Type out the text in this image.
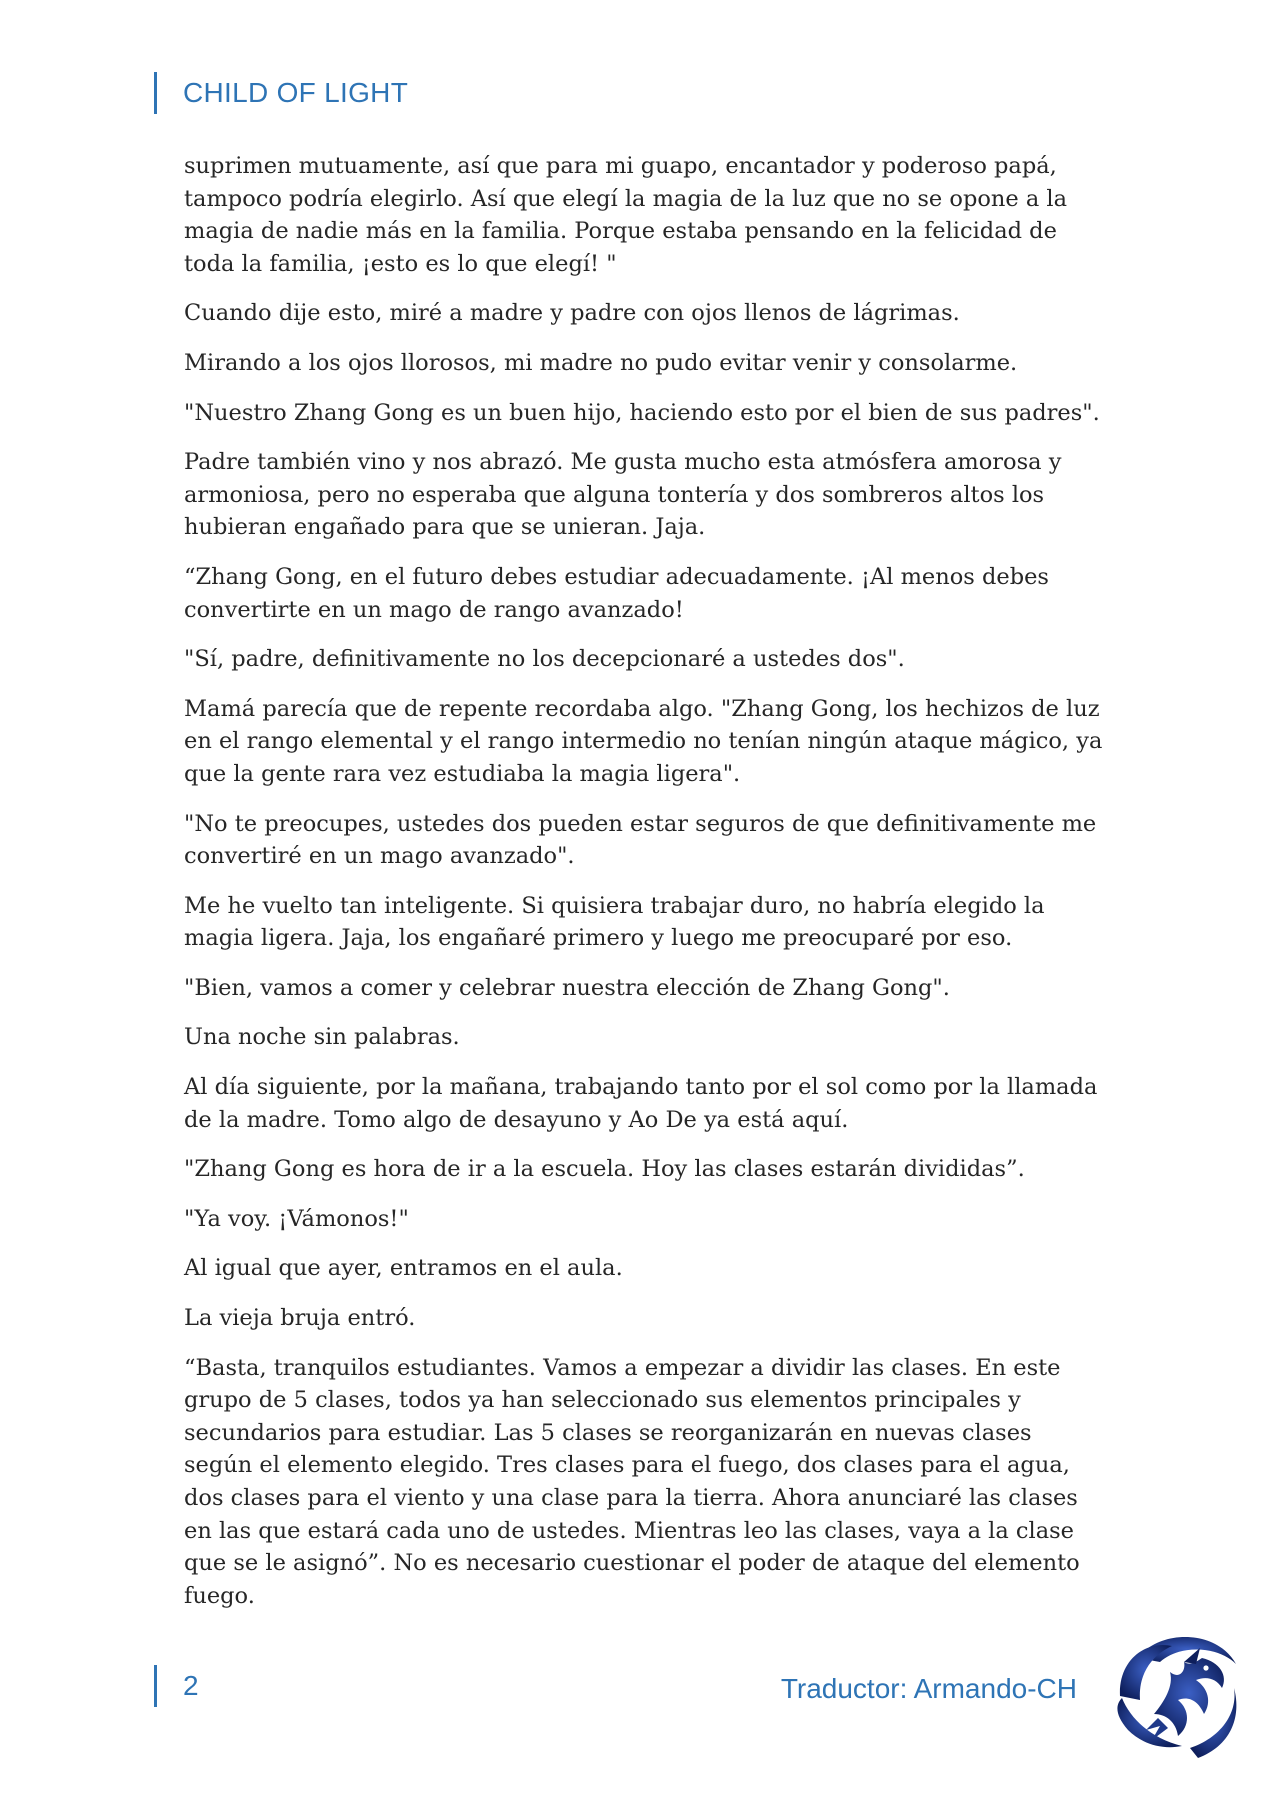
CHILD OF LIGHT

suprimen mutuamente, así que para mi guapo, encantador y poderoso papá, tampoco podría elegirlo. Así que elegí la magia de la luz que no se opone a la magia de nadie más en la familia. Porque estaba pensando en la felicidad de toda la familia, ¡esto es lo que elegí! "

Cuando dije esto, miré a madre y padre con ojos llenos de lágrimas.

Mirando a los ojos llorosos, mi madre no pudo evitar venir y consolarme.

"Nuestro Zhang Gong es un buen hijo, haciendo esto por el bien de sus padres".

Padre también vino y nos abrazó. Me gusta mucho esta atmósfera amorosa y armoniosa, pero no esperaba que alguna tontería y dos sombreros altos los hubieran engañado para que se unieran. Jaja.

“Zhang Gong, en el futuro debes estudiar adecuadamente. ¡Al menos debes convertirte en un mago de rango avanzado!

"Sí, padre, definitivamente no los decepcionaré a ustedes dos".

Mamá parecía que de repente recordaba algo. "Zhang Gong, los hechizos de luz en el rango elemental y el rango intermedio no tenían ningún ataque mágico, ya que la gente rara vez estudiaba la magia ligera".

"No te preocupes, ustedes dos pueden estar seguros de que definitivamente me convertiré en un mago avanzado".

Me he vuelto tan inteligente. Si quisiera trabajar duro, no habría elegido la magia ligera. Jaja, los engañaré primero y luego me preocuparé por eso.

"Bien, vamos a comer y celebrar nuestra elección de Zhang Gong".

Una noche sin palabras.

Al día siguiente, por la mañana, trabajando tanto por el sol como por la llamada de la madre. Tomo algo de desayuno y Ao De ya está aquí.

"Zhang Gong es hora de ir a la escuela. Hoy las clases estarán divididas”.

"Ya voy. ¡Vámonos!"

Al igual que ayer, entramos en el aula.

La vieja bruja entró.

“Basta, tranquilos estudiantes. Vamos a empezar a dividir las clases. En este grupo de 5 clases, todos ya han seleccionado sus elementos principales y secundarios para estudiar. Las 5 clases se reorganizarán en nuevas clases según el elemento elegido. Tres clases para el fuego, dos clases para el agua, dos clases para el viento y una clase para la tierra. Ahora anunciaré las clases en las que estará cada uno de ustedes. Mientras leo las clases, vaya a la clase que se le asignó”. No es necesario cuestionar el poder de ataque del elemento fuego.

2	Traductor: Armando-CH
